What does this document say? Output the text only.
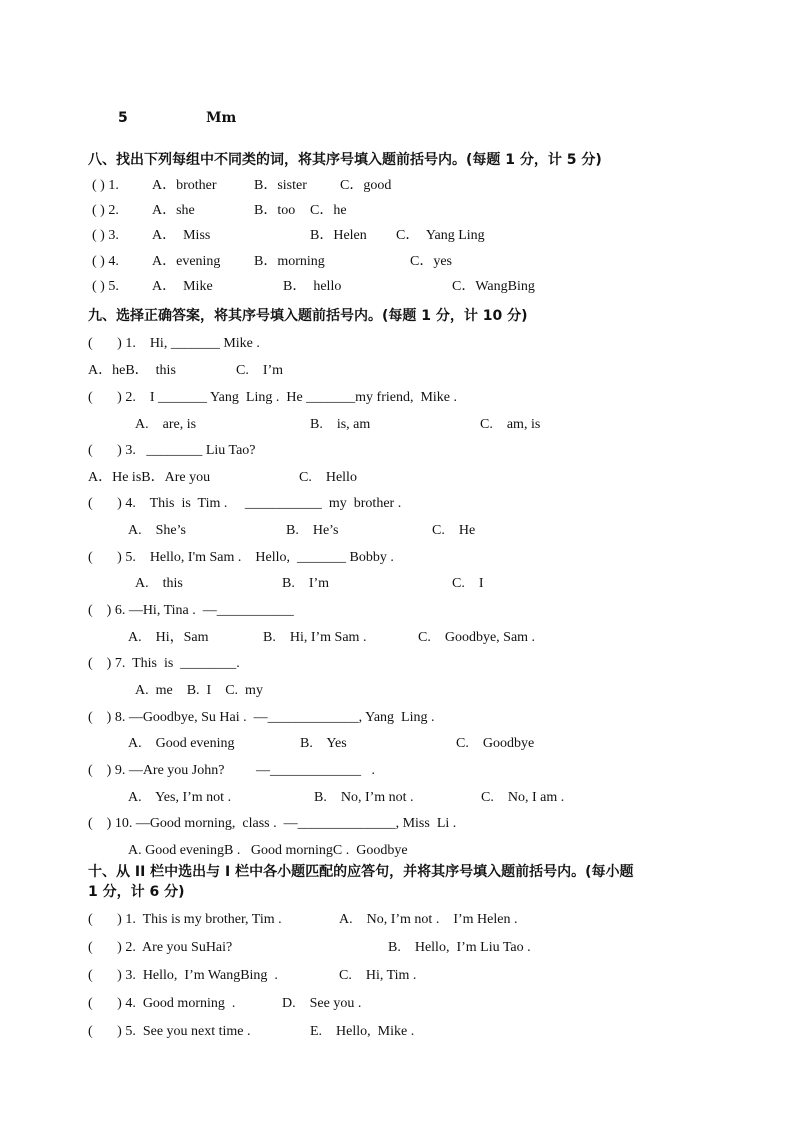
5	Mm
八、找出下列每组中不同类的词，将其序号填入题前括号内。(每题 1 分，计 5 分)
( ) 1. A．brother	B．sister C．good
( ) 2. A．she	B．too C．he
( ) 3. A．  Miss	B．Helen C．  Yang Ling
( ) 4. A．evening B．morning	C．yes
( ) 5. A．  Mike	B．  hello	C．WangBing
九、选择正确答案，将其序号填入题前括号内。(每题 1 分，计 10 分)
(       ) 1.    Hi, _______ Mike .
A．heB．  this	C.    I’m
(       ) 2.    I _______ Yang  Ling .  He _______my friend,  Mike .
A.    are, is	B.    is, am	C.    am, is
(       ) 3.   ________ Liu Tao?
A．He isB．Are you	C.    Hello
(       ) 4.    This  is  Tim .     ___________  my  brother .
A.    She’s	B.    He’s	C.    He
(       ) 5.    Hello, I'm Sam .    Hello,  _______ Bobby .
A.    this	B.    I’m	C.    I
(    ) 6. —Hi, Tina .  —___________
A.    Hi，Sam	B.    Hi, I’m Sam .	C.    Goodbye, Sam .
(    ) 7.  This  is  ________.
A.  me    B.  I    C.  my
(    ) 8. —Goodbye, Su Hai .  —_____________, Yang  Ling .
A.    Good evening	B.    Yes	C.    Goodbye
(    ) 9. —Are you John?         —_____________   .
A.    Yes, I’m not .	B.    No, I’m not .	C.    No, I am .
(    ) 10. —Good morning,  class .  —______________, Miss  Li .
A. Good eveningB .   Good morningC .  Goodbye
十、从 II 栏中选出与 I 栏中各小题匹配的应答句，并将其序号填入题前括号内。(每小题
1 分，计 6 分)
(       ) 1.  This is my brother, Tim .	A.    No, I’m not .    I’m Helen .
(       ) 2.  Are you SuHai?	B.    Hello,  I’m Liu Tao .
(       ) 3.  Hello,  I’m WangBing  .	C.    Hi, Tim .
(       ) 4.  Good morning  .	D.    See you .
(       ) 5.  See you next time .	E.    Hello,  Mike .
